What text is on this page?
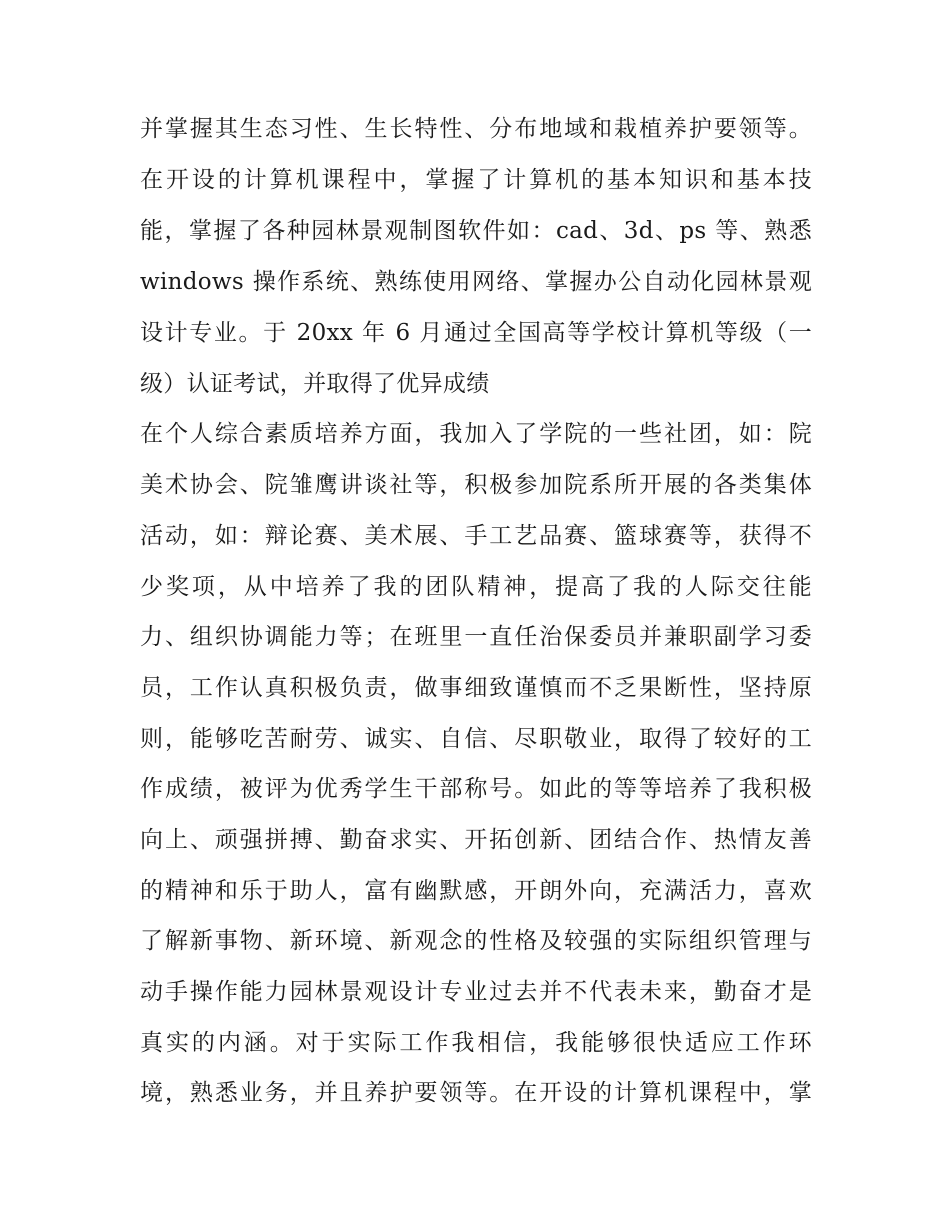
并掌握其生态习性、生长特性、分布地域和栽植养护要领等。

在开设的计算机课程中，掌握了计算机的基本知识和基本技

能，掌握了各种园林景观制图软件如：cad、3d、ps 等、熟悉

windows 操作系统、熟练使用网络、掌握办公自动化园林景观

设计专业。于 20xx 年 6 月通过全国高等学校计算机等级（一

级）认证考试，并取得了优异成绩

在个人综合素质培养方面，我加入了学院的一些社团，如：院

美术协会、院雏鹰讲谈社等，积极参加院系所开展的各类集体

活动，如：辩论赛、美术展、手工艺品赛、篮球赛等，获得不

少奖项，从中培养了我的团队精神，提高了我的人际交往能

力、组织协调能力等；在班里一直任治保委员并兼职副学习委

员，工作认真积极负责，做事细致谨慎而不乏果断性，坚持原

则，能够吃苦耐劳、诚实、自信、尽职敬业，取得了较好的工

作成绩，被评为优秀学生干部称号。如此的等等培养了我积极

向上、顽强拼搏、勤奋求实、开拓创新、团结合作、热情友善

的精神和乐于助人，富有幽默感，开朗外向，充满活力，喜欢

了解新事物、新环境、新观念的性格及较强的实际组织管理与

动手操作能力园林景观设计专业过去并不代表未来，勤奋才是

真实的内涵。对于实际工作我相信，我能够很快适应工作环

境，熟悉业务，并且养护要领等。在开设的计算机课程中，掌
